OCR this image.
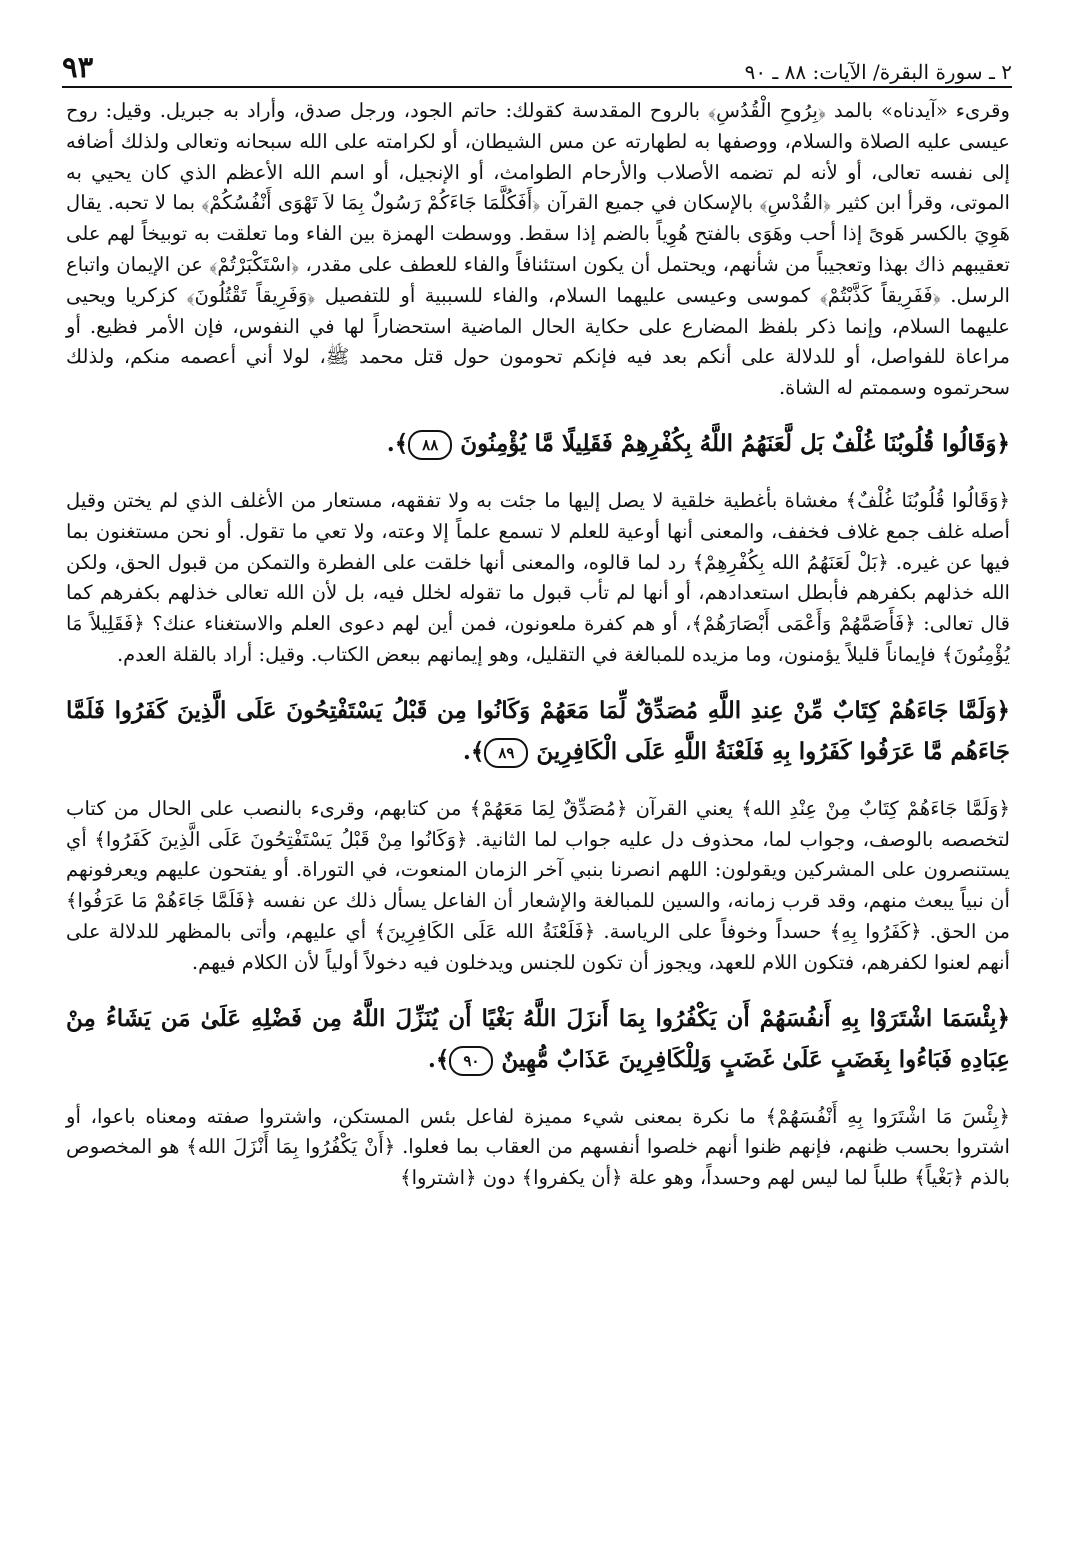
٩٣	٢ ـ سورة البقرة/ الآيات: ٨٨ ـ ٩٠

وقرىء «آيدناه» بالمد ﴿بِرُوحِ الْقُدُسِ﴾ بالروح المقدسة كقولك: حاتم الجود، ورجل صدق، وأراد به جبريل. وقيل: روح عيسى عليه الصلاة والسلام، ووصفها به لطهارته عن مس الشيطان، أو لكرامته على الله سبحانه وتعالى ولذلك أضافه إلى نفسه تعالى، أو لأنه لم تضمه الأصلاب والأرحام الطوامث، أو الإنجيل، أو اسم الله الأعظم الذي كان يحيي به الموتى، وقرأ ابن كثير ﴿القُدْسِ﴾ بالإسكان في جميع القرآن ﴿أَفَكُلَّمَا جَاءَكُمْ رَسُولٌ بِمَا لاَ تَهْوَى أَنْفُسُكُمْ﴾ بما لا تحبه. يقال هَوِيَ بالكسر هَوىً إذا أحب وهَوَى بالفتح هُوِياً بالضم إذا سقط. ووسطت الهمزة بين الفاء وما تعلقت به توبيخاً لهم على تعقيبهم ذاك بهذا وتعجيباً من شأنهم، ويحتمل أن يكون استئنافاً والفاء للعطف على مقدر، ﴿اسْتَكْبَرْتُمْ﴾ عن الإيمان واتباع الرسل. ﴿فَفَرِيقاً كَذَّبْتُمْ﴾ كموسى وعيسى عليهما السلام، والفاء للسببية أو للتفصيل ﴿وَفَرِيقاً تَقْتُلُونَ﴾ كزكريا ويحيى عليهما السلام، وإنما ذكر بلفظ المضارع على حكاية الحال الماضية استحضاراً لها في النفوس، فإن الأمر فظيع. أو مراعاة للفواصل، أو للدلالة على أنكم بعد فيه فإنكم تحومون حول قتل محمد ﷺ، لولا أني أعصمه منكم، ولذلك سحرتموه وسممتم له الشاة.

﴿وَقَالُوا قُلُوبُنَا غُلْفٌ بَل لَّعَنَهُمُ اللَّهُ بِكُفْرِهِمْ فَقَلِيلًا مَّا يُؤْمِنُونَ ٨٨﴾.

﴿وَقَالُوا قُلُوبُنَا غُلْفٌ﴾ مغشاة بأغطية خلقية لا يصل إليها ما جئت به ولا تفقهه، مستعار من الأغلف الذي لم يختن وقيل أصله غلف جمع غلاف فخفف، والمعنى أنها أوعية للعلم لا تسمع علماً إلا وعته، ولا تعي ما تقول. أو نحن مستغنون بما فيها عن غيره. ﴿بَلْ لَعَنَهُمُ الله بِكُفْرِهِمْ﴾ رد لما قالوه، والمعنى أنها خلقت على الفطرة والتمكن من قبول الحق، ولكن الله خذلهم بكفرهم فأبطل استعدادهم، أو أنها لم تأب قبول ما تقوله لخلل فيه، بل لأن الله تعالى خذلهم بكفرهم كما قال تعالى: ﴿فَأَصَمَّهُمْ وَأَعْمَى أَبْصَارَهُمْ﴾، أو هم كفرة ملعونون، فمن أين لهم دعوى العلم والاستغناء عنك؟ ﴿فَقَلِيلاً مَا يُؤْمِنُونَ﴾ فإيماناً قليلاً يؤمنون، وما مزيده للمبالغة في التقليل، وهو إيمانهم ببعض الكتاب. وقيل: أراد بالقلة العدم.

﴿وَلَمَّا جَاءَهُمْ كِتَابٌ مِّنْ عِندِ اللَّهِ مُصَدِّقٌ لِّمَا مَعَهُمْ وَكَانُوا مِن قَبْلُ يَسْتَفْتِحُونَ عَلَى الَّذِينَ كَفَرُوا فَلَمَّا جَاءَهُم مَّا عَرَفُوا كَفَرُوا بِهِ فَلَعْنَةُ اللَّهِ عَلَى الْكَافِرِينَ ٨٩﴾.

﴿وَلَمَّا جَاءَهُمْ كِتَابٌ مِنْ عِنْدِ الله﴾ يعني القرآن ﴿مُصَدِّقٌ لِمَا مَعَهُمْ﴾ من كتابهم، وقرىء بالنصب على الحال من كتاب لتخصصه بالوصف، وجواب لما، محذوف دل عليه جواب لما الثانية. ﴿وَكَانُوا مِنْ قَبْلُ يَسْتَفْتِحُونَ عَلَى الَّذِينَ كَفَرُوا﴾ أي يستنصرون على المشركين ويقولون: اللهم انصرنا بنبي آخر الزمان المنعوت، في التوراة. أو يفتحون عليهم ويعرفونهم أن نبياً يبعث منهم، وقد قرب زمانه، والسين للمبالغة والإشعار أن الفاعل يسأل ذلك عن نفسه ﴿فَلَمَّا جَاءَهُمْ مَا عَرَفُوا﴾ من الحق. ﴿كَفَرُوا بِهِ﴾ حسداً وخوفاً على الرياسة. ﴿فَلَعْنَةُ الله عَلَى الكَافِرِينَ﴾ أي عليهم، وأتى بالمظهر للدلالة على أنهم لعنوا لكفرهم، فتكون اللام للعهد، ويجوز أن تكون للجنس ويدخلون فيه دخولاً أولياً لأن الكلام فيهم.

﴿بِئْسَمَا اشْتَرَوْا بِهِ أَنفُسَهُمْ أَن يَكْفُرُوا بِمَا أَنزَلَ اللَّهُ بَغْيًا أَن يُنَزِّلَ اللَّهُ مِن فَضْلِهِ عَلَىٰ مَن يَشَاءُ مِنْ عِبَادِهِ فَبَاءُوا بِغَضَبٍ عَلَىٰ غَضَبٍ وَلِلْكَافِرِينَ عَذَابٌ مُّهِينٌ ٩٠﴾.

﴿بِئْسَ مَا اشْتَرَوا بِهِ أَنْفُسَهُمْ﴾ ما نكرة بمعنى شيء مميزة لفاعل بئس المستكن، واشتروا صفته ومعناه باعوا، أو اشتروا بحسب ظنهم، فإنهم ظنوا أنهم خلصوا أنفسهم من العقاب بما فعلوا. ﴿أَنْ يَكْفُرُوا بِمَا أَنْزَلَ الله﴾ هو المخصوص بالذم ﴿بَغْياً﴾ طلباً لما ليس لهم وحسداً، وهو علة ﴿أن يكفروا﴾ دون ﴿اشتروا﴾
